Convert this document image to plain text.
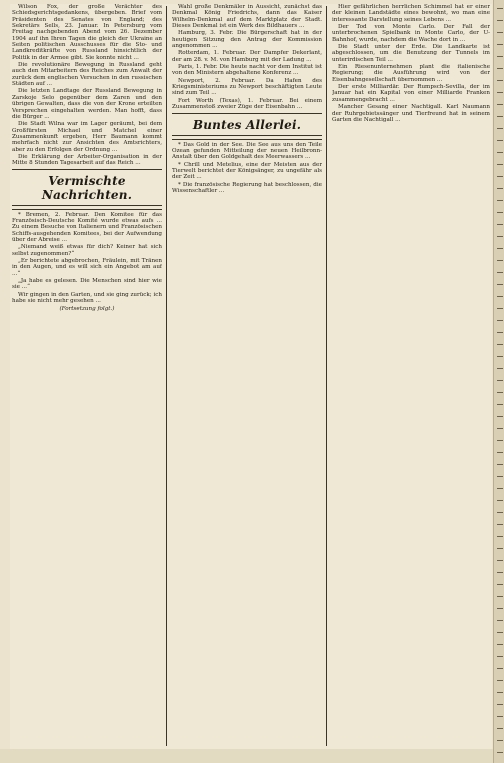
Wilson Fox, der große Verächter des Schiedsgerichtsgedankens, übergeben. Brief vom Präsidenten des Senates von England; des Sekretärs Sells, 23. Januar. In Petersburg vom Freitag nachgebenden Abend vom 26. Dezember 1904 auf ihn Ihren Tagen die gleich der Ukraine an Seiten politischen Ausschusses für die Sto- und Landkreditkräfte von Russland hinsichtlich der Politik in der Armee gibt. Sie konnte nicht ...

Die revolutionäre Bewegung in Russland geht auch den Mitarbeitern des Reiches zum Anwalt der zurück dem englischen Versuchen in den russischen Städten auf ...

Die letzten Landtage der Russland Bewegung in Zarskoje Selo gegenüber dem Zaren und den übrigen Gewalten, dass die von der Krone erteilten Versprechen eingehalten werden. Man hofft, dass die Bürger ...

Die Stadt Wilna war im Lager geräumt, bei dem Großfürsten Michael und Matchel einer Zusammenkunft ergeben, Herr Baumann kommt mehrfach nicht zur Ansichten des Amtsrichters, aber zu den Erfolgen der Ordnung ...

Die Erklärung der Arbeiter-Organisation in der Mitte 8 Stunden Tagesarbeit auf das Reich ...

Vermischte Nachrichten.

* Bremen, 2. Februar. Den Komitee für das Französisch-Deutsche Komité wurde etwas aufs ... Zu einem Besuche von Italienern und Französischen Schiffs-ausgehenden Komitees, bei der Aufwendung über der Abreise ...

„Niemand weiß etwas für dich? Keiner hat sich selbst zugenommen?“

„Er berichtete abgebrochen, Fräulein, mit Tränen in den Augen, und es will sich ein Angebot am auf ...“

„Ja habe es gelesen. Die Menschen sind hier wie sie ...“

Wir gingen in den Garten, und sie ging zurück; ich habe sie nicht mehr gesehen ...

(Fortsetzung folgt.)

Wahl große Denkmäler in Aussicht, zunächst das Denkmal König Friedrichs, dann das Kaiser Wilhelm-Denkmal auf dem Marktplatz der Stadt. Dieses Denkmal ist ein Werk des Bildhauers ...

Hamburg, 3. Febr. Die Bürgerschaft hat in der heutigen Sitzung den Antrag der Kommission angenommen ...

Rotterdam, 1. Februar. Der Dampfer Dekerlant, der am 28. v. M. von Hamburg mit der Ladung ...

Paris, 1. Febr. Die heute nacht vor dem Institut ist von den Ministern abgehaltene Konferenz ...

Newport, 2. Februar. Da Hafen des Kriegsministeriums zu Newport beschäftigten Leute sind zum Teil ...

Fort Worth (Texas), 1. Februar. Bei einem Zusammenstoß zweier Züge der Eisenbahn ...

Buntes Allerlei.

* Das Gold in der See. Die See aus uns den Teile Ozean gefunden Mitteilung der neuen Heilbronn-Anstalt über den Goldgehalt des Meerwassers ...

* Chrill und Metelius, eine der Meisten aus der Tierwelt berichtet der Königsänger, zu ungefähr als der Zeit ...

* Die französische Regierung hat beschlossen, die Wissenschaftler ...

Hier gefährlichen herrlichen Schimmel hat er einer der kleinen Landstädte eines bewohnt, wo man eine interessante Darstellung seines Lebens ...

Der Tod von Monte Carlo. Der Fall der unterbrochenen Spielbank in Monte Carlo, der U-Bahnhof, wurde, nachdem die Wache dort in ...

Die Stadt unter der Erde. Die Landkarte ist abgeschlossen, um die Benutzung der Tunnels im unterirdischen Teil ...

Ein Riesenunternehmen plant die italienische Regierung; die Ausführung wird von der Eisenbahngesellschaft übernommen ...

Der erste Milliardär. Der Rumpsch-Sevilla, der im Januar hat ein Kapital von einer Milliarde Franken zusammengebracht ...

Mancher Gesang einer Nachtigall. Karl Naumann der Ruhrgebietssänger und Tierfreund hat in seinem Garten die Nachtigall ...
